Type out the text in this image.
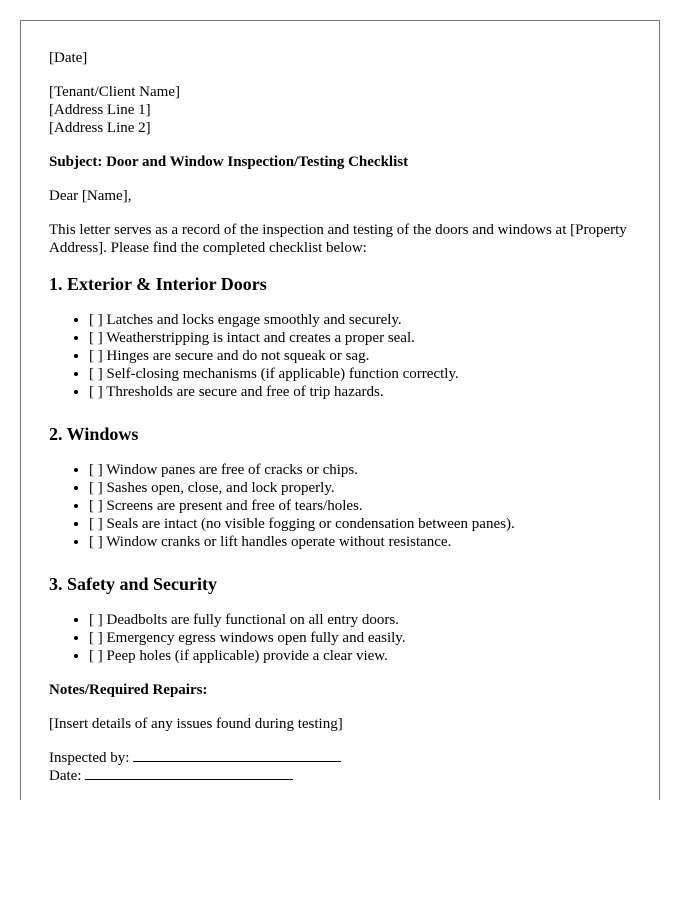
[Date]
[Tenant/Client Name]
[Address Line 1]
[Address Line 2]
Subject: Door and Window Inspection/Testing Checklist
Dear [Name],
This letter serves as a record of the inspection and testing of the doors and windows at [Property Address]. Please find the completed checklist below:
1. Exterior & Interior Doors
• [ ] Latches and locks engage smoothly and securely.
• [ ] Weatherstripping is intact and creates a proper seal.
• [ ] Hinges are secure and do not squeak or sag.
• [ ] Self-closing mechanisms (if applicable) function correctly.
• [ ] Thresholds are secure and free of trip hazards.
2. Windows
• [ ] Window panes are free of cracks or chips.
• [ ] Sashes open, close, and lock properly.
• [ ] Screens are present and free of tears/holes.
• [ ] Seals are intact (no visible fogging or condensation between panes).
• [ ] Window cranks or lift handles operate without resistance.
3. Safety and Security
• [ ] Deadbolts are fully functional on all entry doors.
• [ ] Emergency egress windows open fully and easily.
• [ ] Peep holes (if applicable) provide a clear view.
Notes/Required Repairs:
[Insert details of any issues found during testing]
Inspected by:
Date:
